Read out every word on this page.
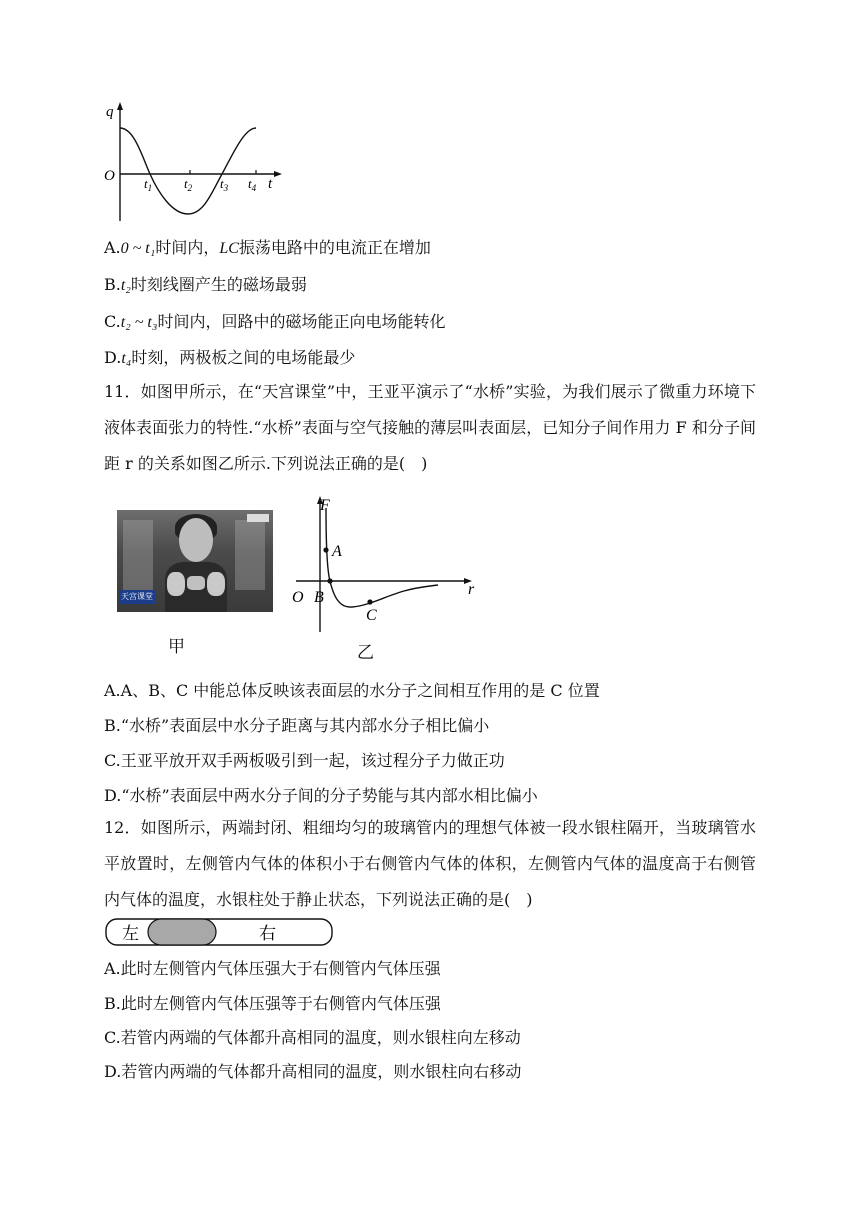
q
O	t
$t_1$ $t_2$ $t_3$ $t_4$
A.0 ~ t₁时间内，LC振荡电路中的电流正在增加
B.t₂时刻线圈产生的磁场最弱
C.t₂ ~ t₃时间内，回路中的磁场能正向电场能转化
D.t₄时刻，两极板之间的电场能最少
11．如图甲所示，在“天宫课堂”中，王亚平演示了“水桥”实验，为我们展示了微重力环境下液体表面张力的特性.“水桥”表面与空气接触的薄层叫表面层，已知分子间作用力 F 和分子间距 r 的关系如图乙所示.下列说法正确的是(　)
天宫课堂
甲
F
r
O
A
B
C
乙
A.A、B、C 中能总体反映该表面层的水分子之间相互作用的是 C 位置
B.“水桥”表面层中水分子距离与其内部水分子相比偏小
C.王亚平放开双手两板吸引到一起，该过程分子力做正功
D.“水桥”表面层中两水分子间的分子势能与其内部水相比偏小
12．如图所示，两端封闭、粗细均匀的玻璃管内的理想气体被一段水银柱隔开，当玻璃管水平放置时，左侧管内气体的体积小于右侧管内气体的体积，左侧管内气体的温度高于右侧管内气体的温度，水银柱处于静止状态，下列说法正确的是(　)
左	右
A.此时左侧管内气体压强大于右侧管内气体压强
B.此时左侧管内气体压强等于右侧管内气体压强
C.若管内两端的气体都升高相同的温度，则水银柱向左移动
D.若管内两端的气体都升高相同的温度，则水银柱向右移动
